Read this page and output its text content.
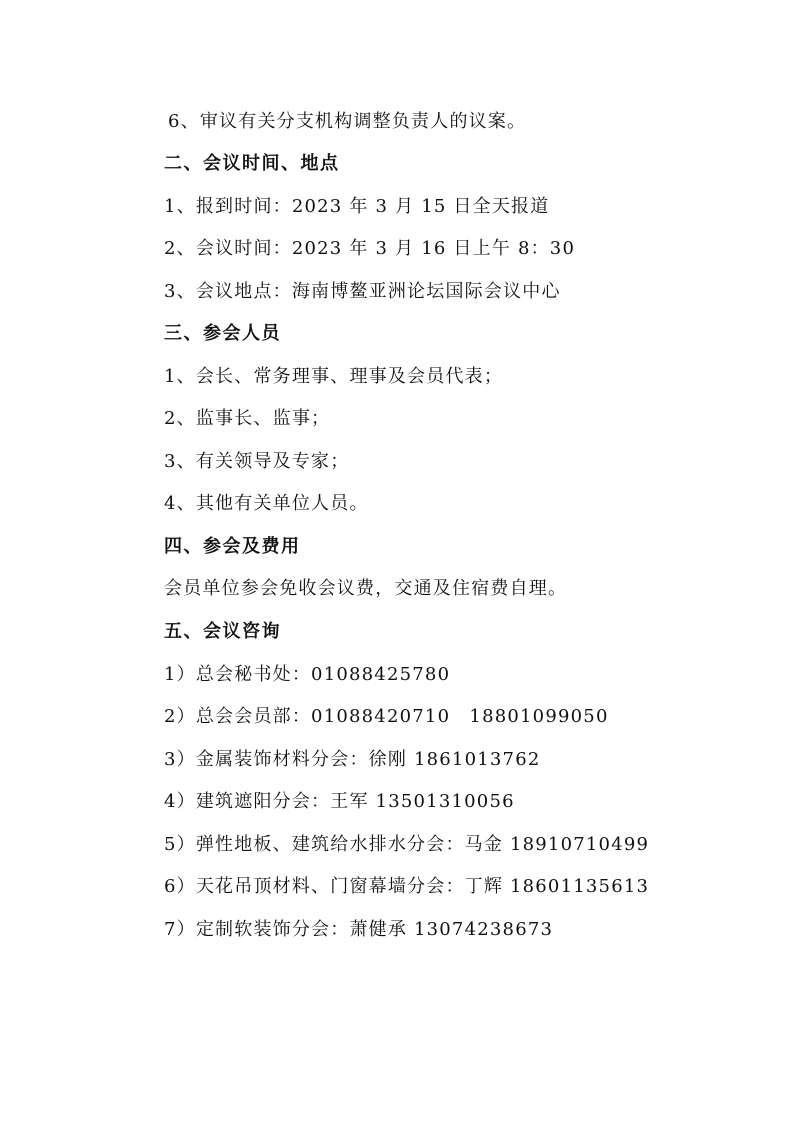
6、审议有关分支机构调整负责人的议案。
二、会议时间、地点
1、报到时间：2023 年 3 月 15 日全天报道
2、会议时间：2023 年 3 月 16 日上午 8：30
3、会议地点：海南博鳌亚洲论坛国际会议中心
三、参会人员
1、会长、常务理事、理事及会员代表；
2、监事长、监事；
3、有关领导及专家；
4、其他有关单位人员。
四、参会及费用
会员单位参会免收会议费，交通及住宿费自理。
五、会议咨询
1）总会秘书处：01088425780
2）总会会员部：01088420710　18801099050
3）金属装饰材料分会：徐刚 1861013762
4）建筑遮阳分会：王军 13501310056
5）弹性地板、建筑给水排水分会：马金 18910710499
6）天花吊顶材料、门窗幕墙分会：丁辉 18601135613
7）定制软装饰分会：萧健承 13074238673
